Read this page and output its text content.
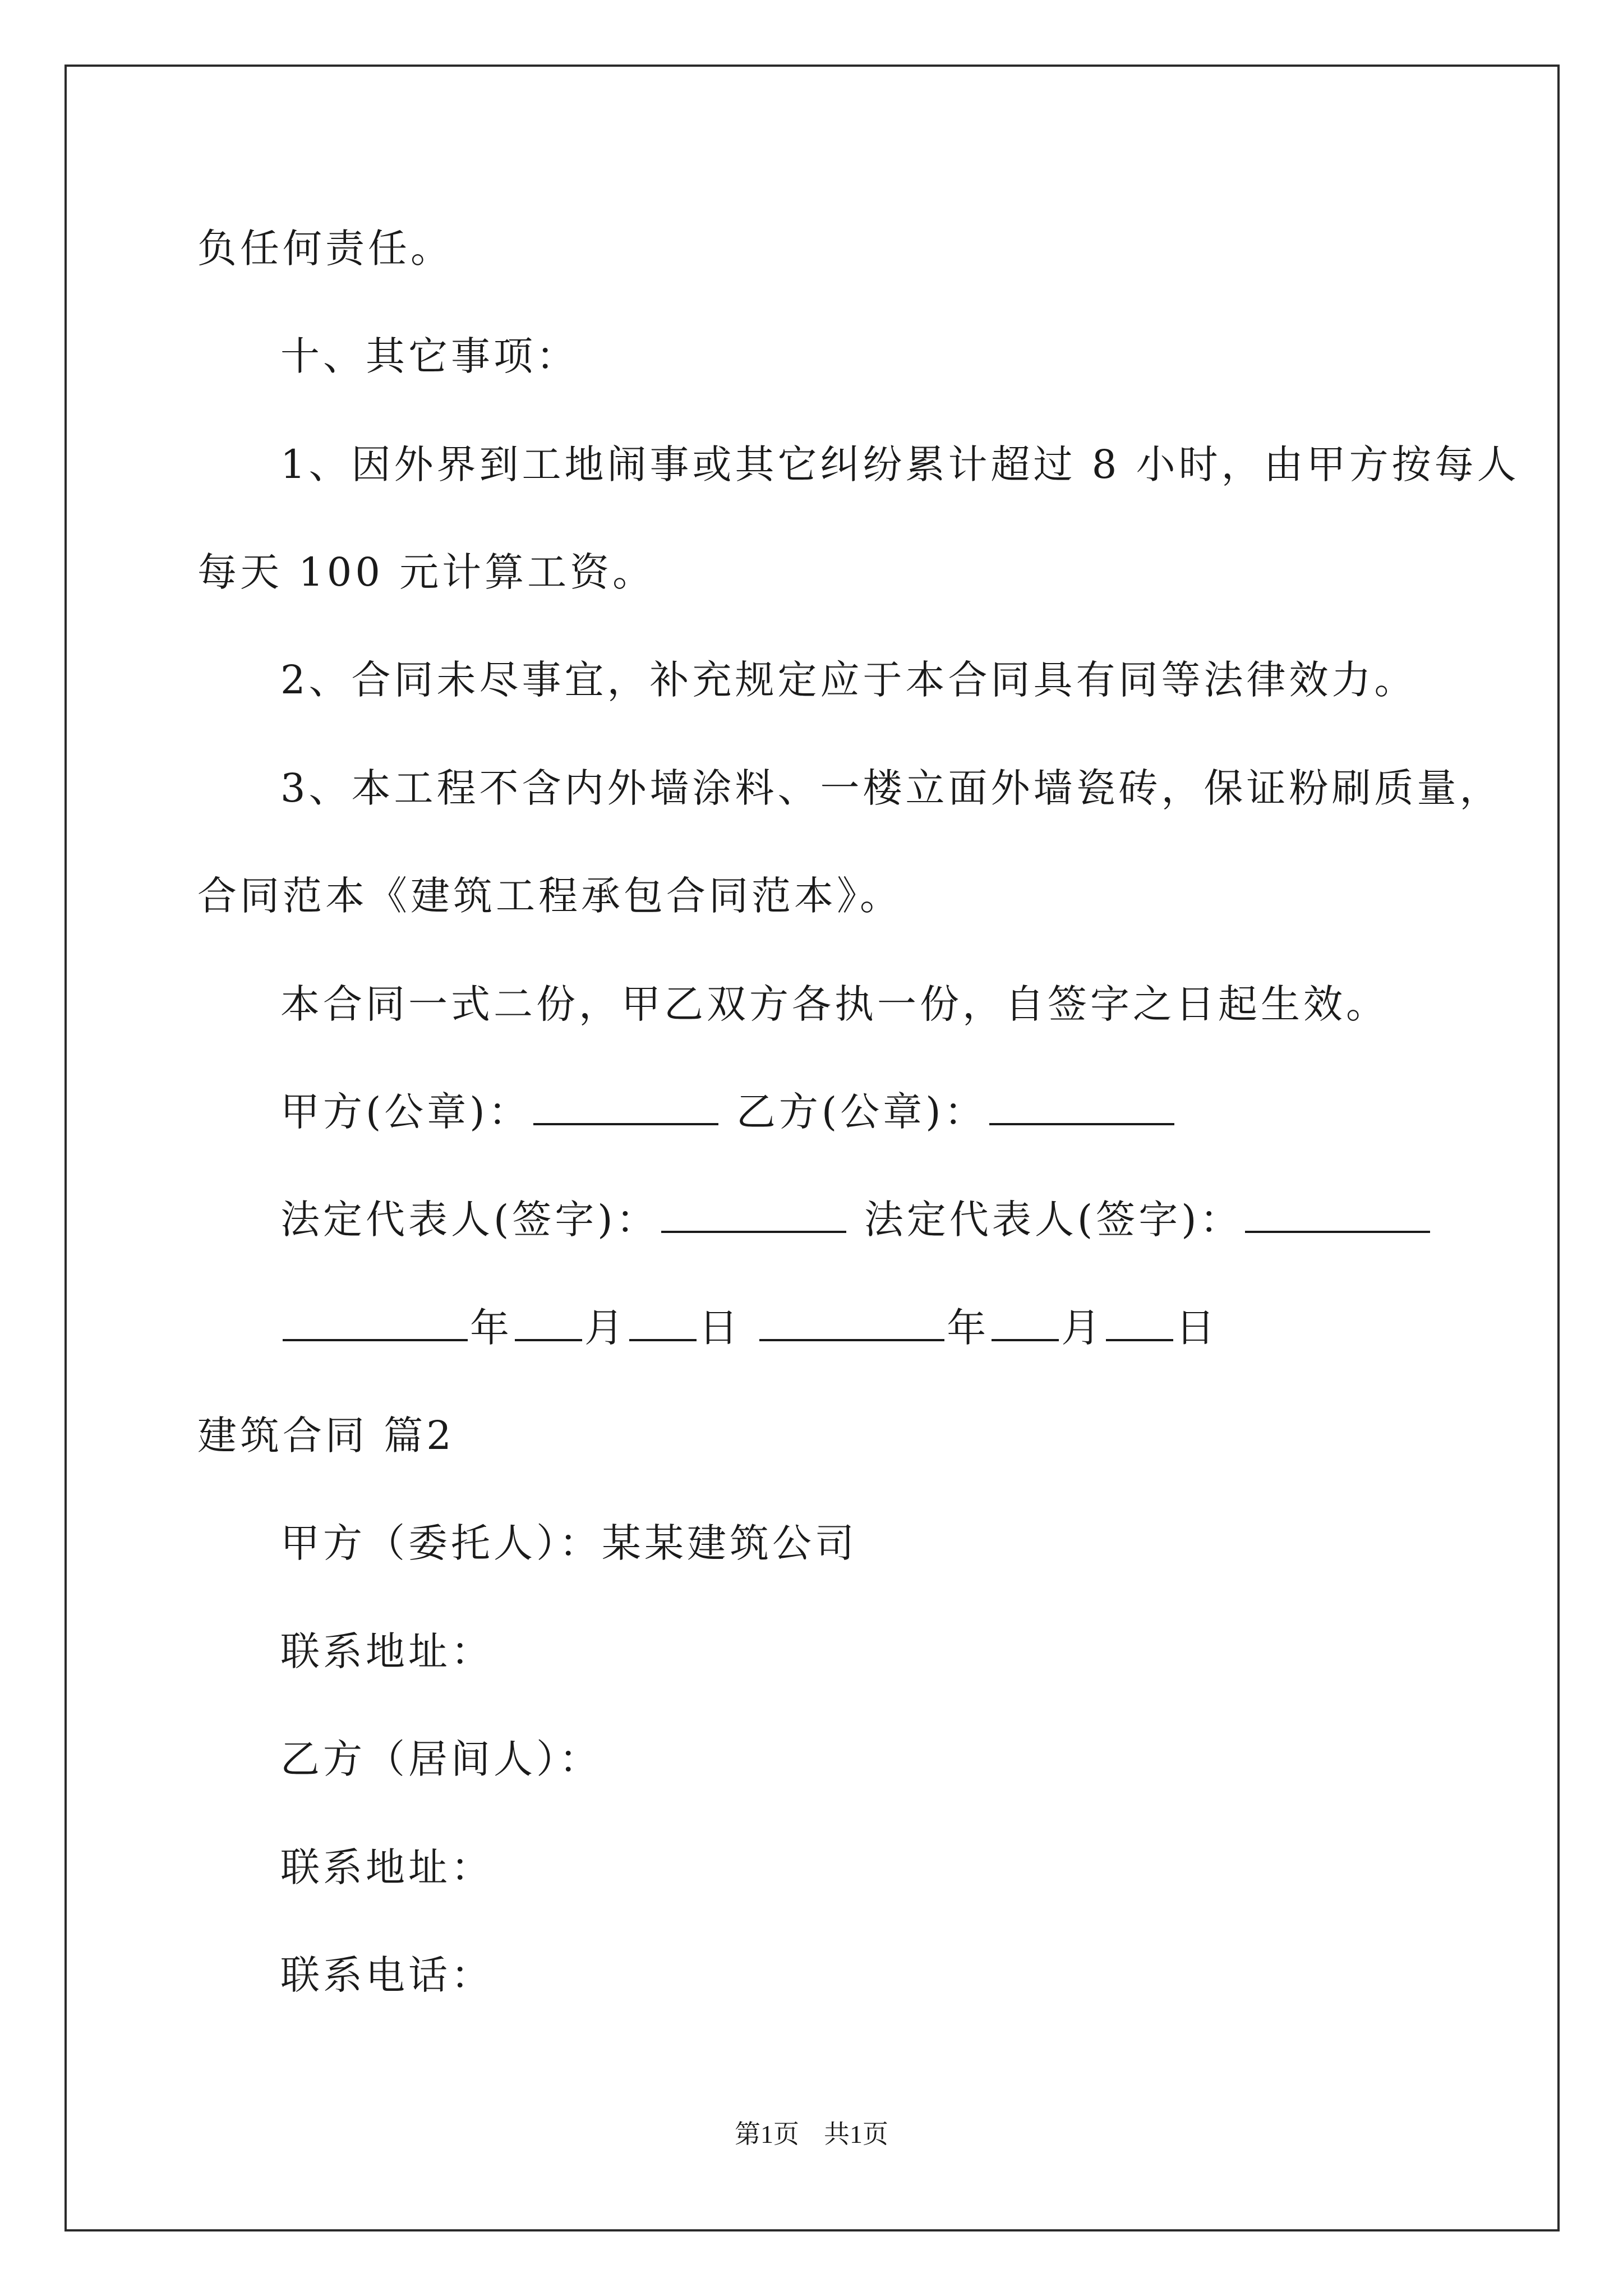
负任何责任。
十、其它事项：
1、因外界到工地闹事或其它纠纷累计超过 8 小时，由甲方按每人
每天 100 元计算工资。
2、合同未尽事宜，补充规定应于本合同具有同等法律效力。
3、本工程不含内外墙涂料、一楼立面外墙瓷砖，保证粉刷质量，
合同范本《建筑工程承包合同范本》。
本合同一式二份，甲乙双方各执一份，自签字之日起生效。
甲方(公章)：	乙方(公章)：
法定代表人(签字)：	法定代表人(签字)：
年 月 日	年 月 日
建筑合同 篇2
甲方（委托人）：某某建筑公司
联系地址：
乙方（居间人）：
联系地址：
联系电话：
第1页 共1页
